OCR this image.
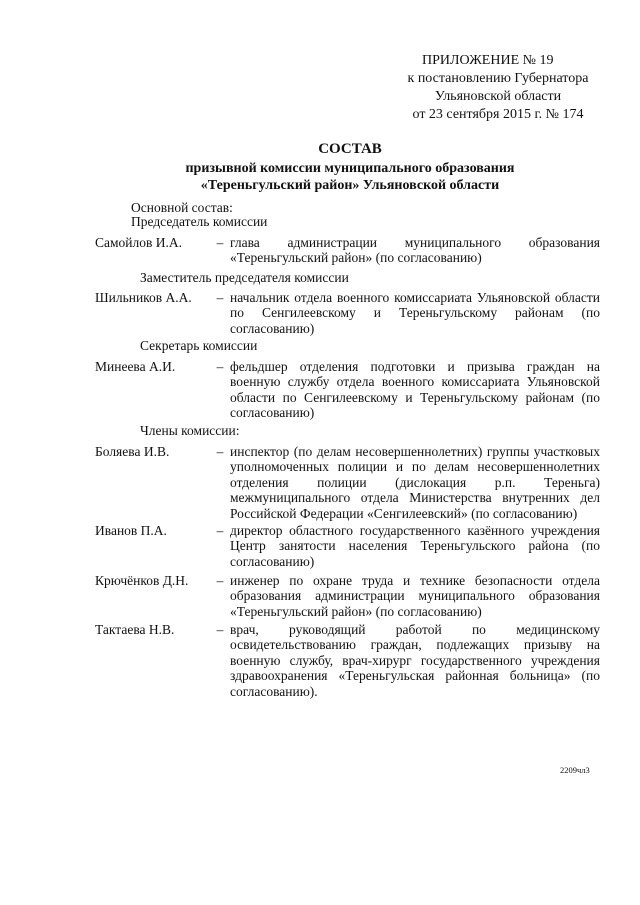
ПРИЛОЖЕНИЕ № 19
к постановлению Губернатора
Ульяновской области
от 23 сентября 2015 г. № 174
СОСТАВ
призывной комиссии муниципального образования
«Тереньгульский район» Ульяновской области
Основной состав:
Председатель комиссии
Самойлов И.А.	– глава администрации муниципального образования «Тереньгульский район» (по согласованию)
Заместитель председателя комиссии
Шильников А.А.	– начальник отдела военного комиссариата Ульяновской области по Сенгилеевскому и Тереньгульскому районам (по согласованию)
Секретарь комиссии
Минеева А.И.	– фельдшер отделения подготовки и призыва граждан на военную службу отдела военного комиссариата Ульяновской области по Сенгилеевскому и Тереньгульскому районам (по согласованию)
Члены комиссии:
Боляева И.В.	– инспектор (по делам несовершеннолетних) группы участковых уполномоченных полиции и по делам несовершеннолетних отделения полиции (дислокация р.п. Тереньга) межмуниципального отдела Министерства внутренних дел Российской Федерации «Сенгилеевский» (по согласованию)
Иванов П.А.	– директор областного государственного казённого учреждения Центр занятости населения Тереньгульского района (по согласованию)
Крючёнков Д.Н.	– инженер по охране труда и технике безопасности отдела образования администрации муниципального образования «Тереньгульский район» (по согласованию)
Тактаева Н.В.	– врач, руководящий работой по медицинскому освидетельствованию граждан, подлежащих призыву на военную службу, врач-хирург государственного учреждения здравоохранения «Тереньгульская районная больница» (по согласованию).
2209чл3
